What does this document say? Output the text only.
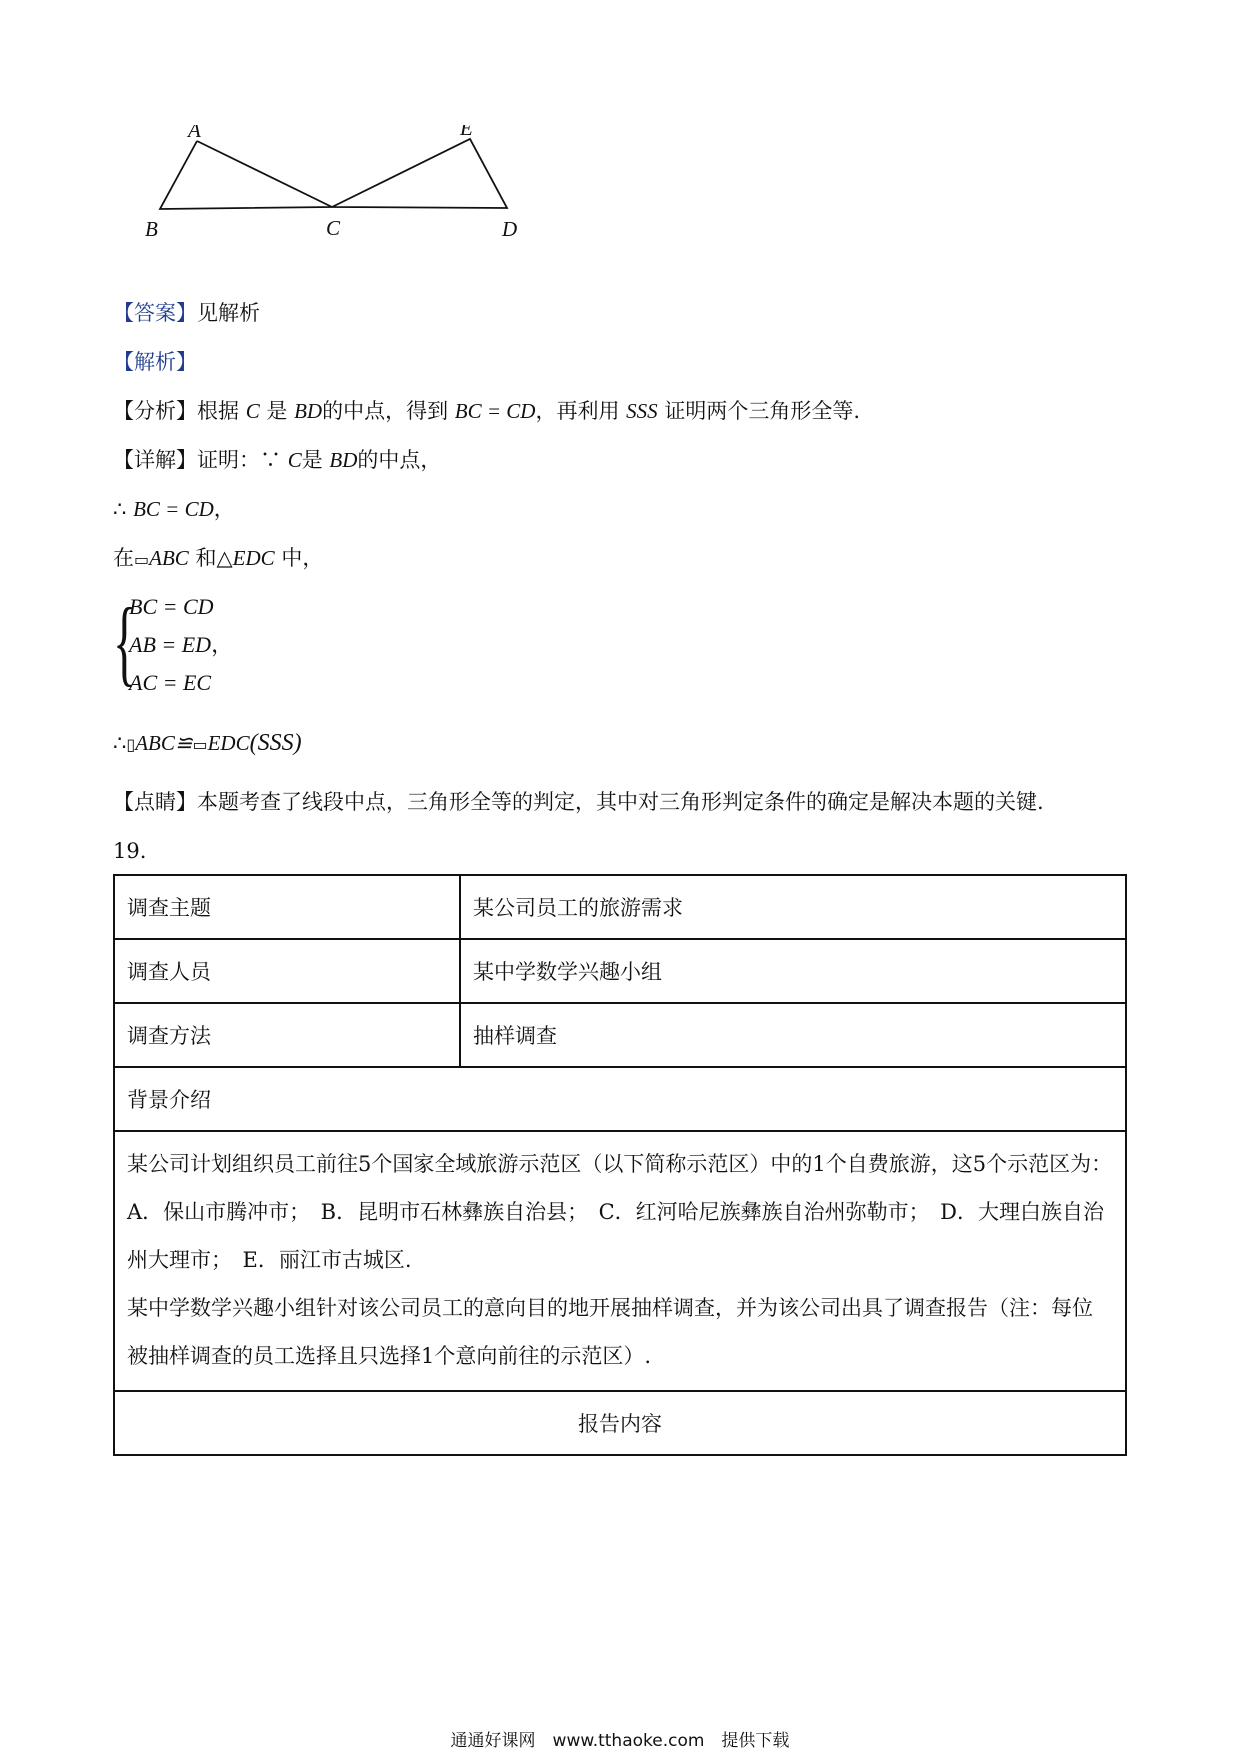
A
B	C	D
E
【答案】见解析
【解析】
【分析】根据 C 是 BD的中点，得到 BC = CD，再利用 SSS 证明两个三角形全等.
【详解】证明：∵ C是 BD的中点，
∴ BC = CD，
在▭ABC 和△EDC 中，
{
BC = CD
AB = ED，
AC = EC
∴▯ABC≌▭EDC(SSS)
【点睛】本题考查了线段中点，三角形全等的判定，其中对三角形判定条件的确定是解决本题的关键.
19.
调查主题	某公司员工的旅游需求
调查人员	某中学数学兴趣小组
调查方法	抽样调查
背景介绍	

某公司计划组织员工前往5个国家全域旅游示范区（以下简称示范区）中的1个自费旅游，这5个示范区为：
A．保山市腾冲市；　B．昆明市石林彝族自治县；　C．红河哈尼族彝族自治州弥勒市；　D．大理白族自治州大理市；　E．丽江市古城区.
某中学数学兴趣小组针对该公司员工的意向目的地开展抽样调查，并为该公司出具了调查报告（注：每位被抽样调查的员工选择且只选择1个意向前往的示范区）.	

报告内容	
通通好课网　www.tthaoke.com　提供下载
